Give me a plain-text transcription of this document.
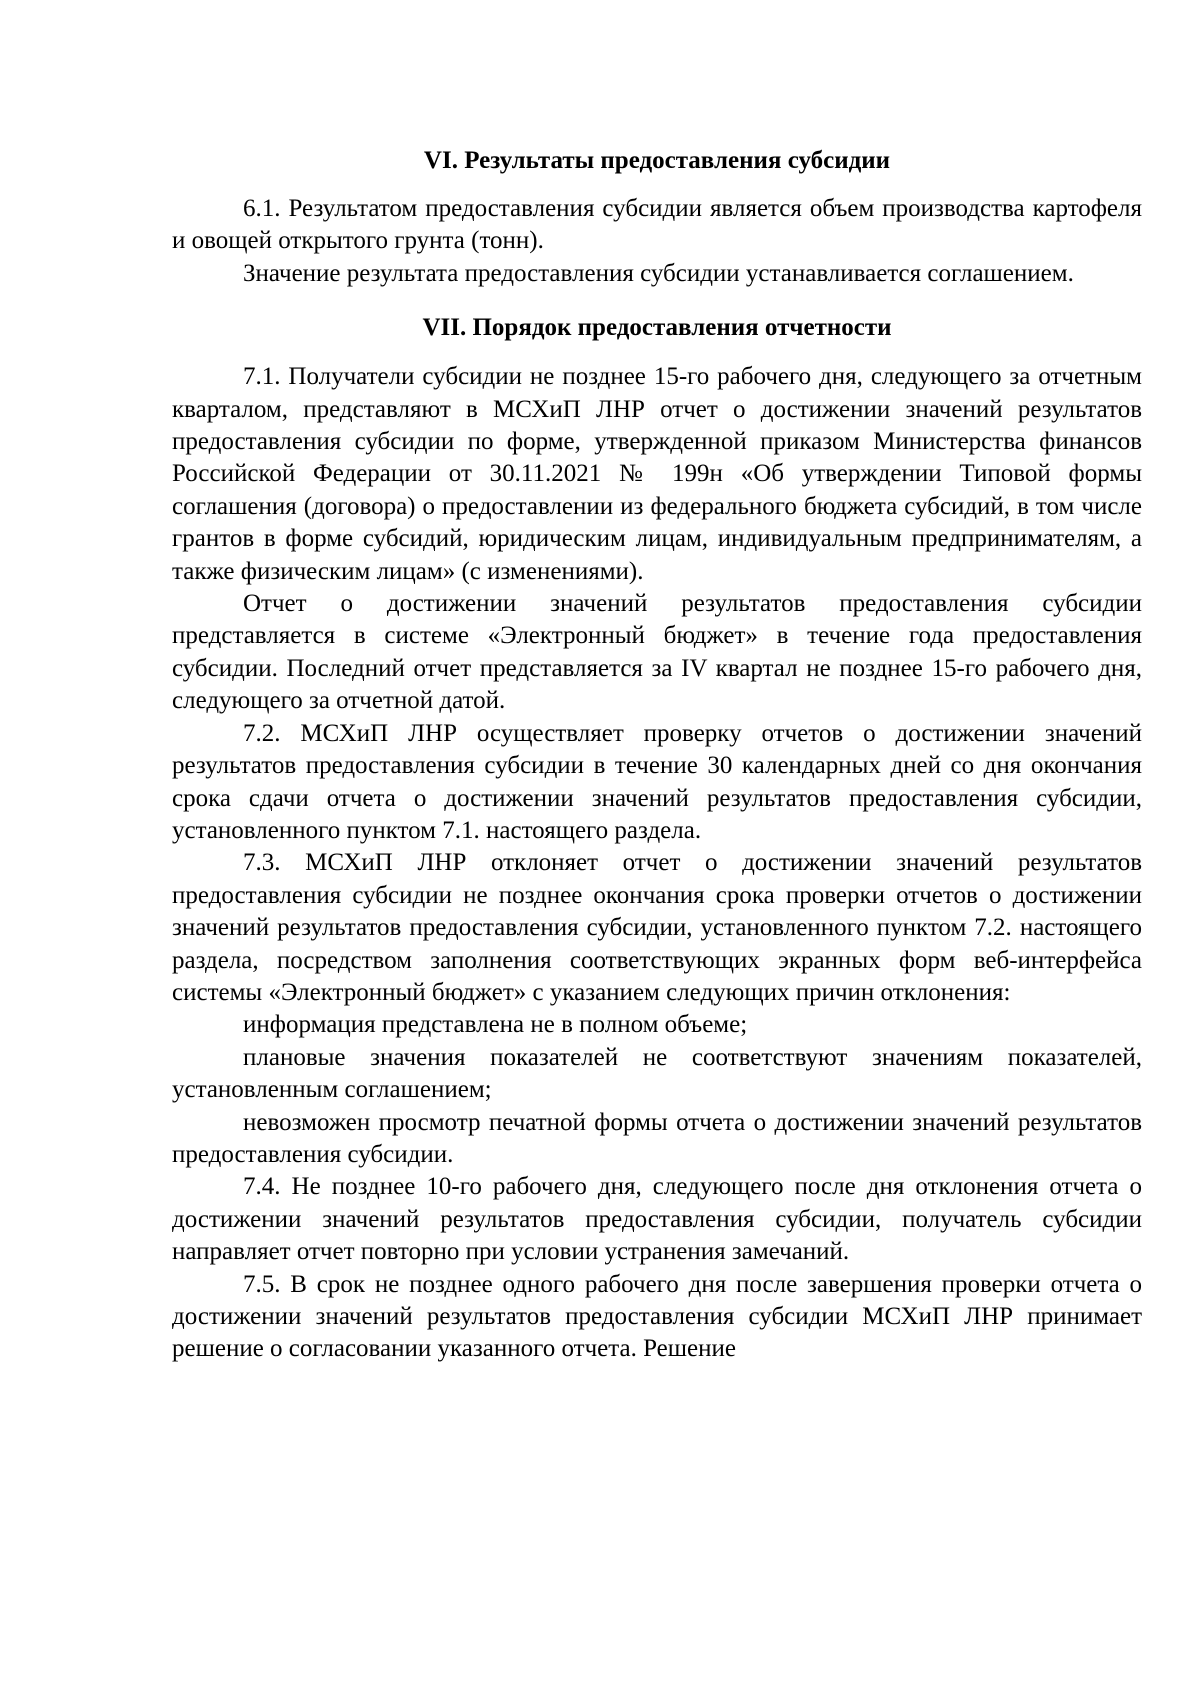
VI. Результаты предоставления субсидии

6.1. Результатом предоставления субсидии является объем производства картофеля и овощей открытого грунта (тонн).

Значение результата предоставления субсидии устанавливается соглашением.

VII. Порядок предоставления отчетности

7.1. Получатели субсидии не позднее 15-го рабочего дня, следующего за отчетным кварталом, представляют в МСХиП ЛНР отчет о достижении значений результатов предоставления субсидии по форме, утвержденной приказом Министерства финансов Российской Федерации от 30.11.2021 № 199н «Об утверждении Типовой формы соглашения (договора) о предоставлении из федерального бюджета субсидий, в том числе грантов в форме субсидий, юридическим лицам, индивидуальным предпринимателям, а также физическим лицам» (с изменениями).

Отчет о достижении значений результатов предоставления субсидии представляется в системе «Электронный бюджет» в течение года предоставления субсидии. Последний отчет представляется за IV квартал не позднее 15-го рабочего дня, следующего за отчетной датой.

7.2. МСХиП ЛНР осуществляет проверку отчетов о достижении значений результатов предоставления субсидии в течение 30 календарных дней со дня окончания срока сдачи отчета о достижении значений результатов предоставления субсидии, установленного пунктом 7.1. настоящего раздела.

7.3. МСХиП ЛНР отклоняет отчет о достижении значений результатов предоставления субсидии не позднее окончания срока проверки отчетов о достижении значений результатов предоставления субсидии, установленного пунктом 7.2. настоящего раздела, посредством заполнения соответствующих экранных форм веб-интерфейса системы «Электронный бюджет» с указанием следующих причин отклонения:

информация представлена не в полном объеме;

плановые значения показателей не соответствуют значениям показателей, установленным соглашением;

невозможен просмотр печатной формы отчета о достижении значений результатов предоставления субсидии.

7.4. Не позднее 10-го рабочего дня, следующего после дня отклонения отчета о достижении значений результатов предоставления субсидии, получатель субсидии направляет отчет повторно при условии устранения замечаний.

7.5. В срок не позднее одного рабочего дня после завершения проверки отчета о достижении значений результатов предоставления субсидии МСХиП ЛНР принимает решение о согласовании указанного отчета. Решение
